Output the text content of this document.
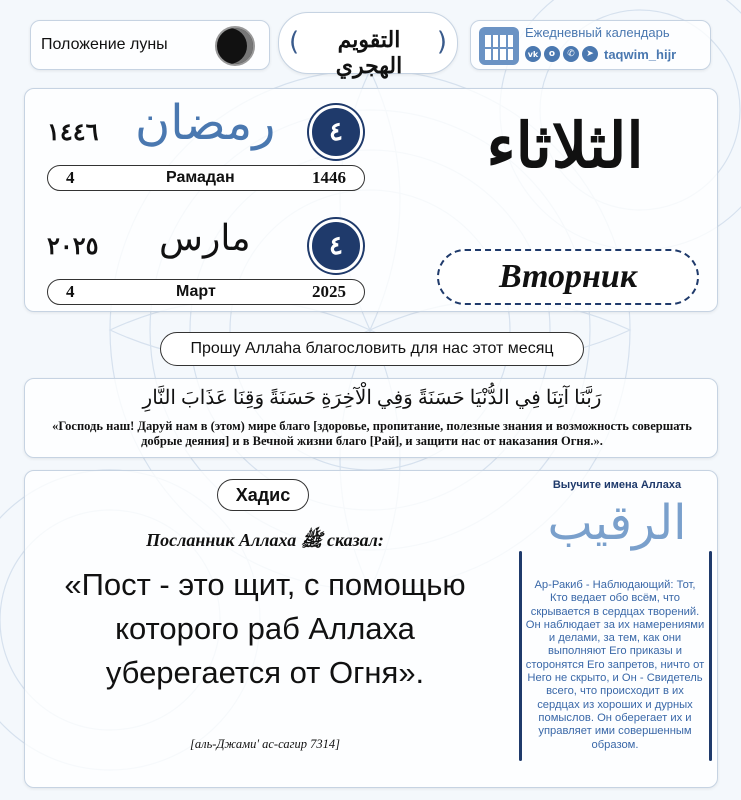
Положение луны	(	التقويم الهجري
)	Ежедневный календарь
vk	o	✆	➤ taqwim_hijr
١٤٤٦ رمضان	٤
4	Рамадан	1446
٢٠٢٥ مارس	٤
4	Март	2025
الثلاثاء
Вторник
Прошу Аллаhа благословить для нас этот месяц
رَبَّنَا آتِنَا فِي الدُّنْيَا حَسَنَةً وَفِي الْآخِرَةِ حَسَنَةً وَقِنَا عَذَابَ النَّارِ
«Господь наш! Даруй нам в (этом) мире благо [здоровье, пропитание, полезные знания и возможность совершать добрые деяния] и в Вечной жизни благо [Рай], и защити нас от наказания Огня.».
Хадис
Посланник Аллаха ﷺ сказал:
«Пост - это щит, с помощью которого раб Аллаха уберегается от Огня».
[аль-Джами' ас-сагир 7314]
Выучите имена Аллаха
الرقيب
Ар-Ракиб - Наблюдающий: Тот, Кто ведает обо всём, что скрывается в сердцах творений. Он наблюдает за их намерениями и делами, за тем, как они выполняют Его приказы и сторонятся Его запретов, ничто от Него не скрыто, и Он - Свидетель всего, что происходит в их сердцах из хороших и дурных помыслов. Он оберегает их и управляет ими совершенным образом.
